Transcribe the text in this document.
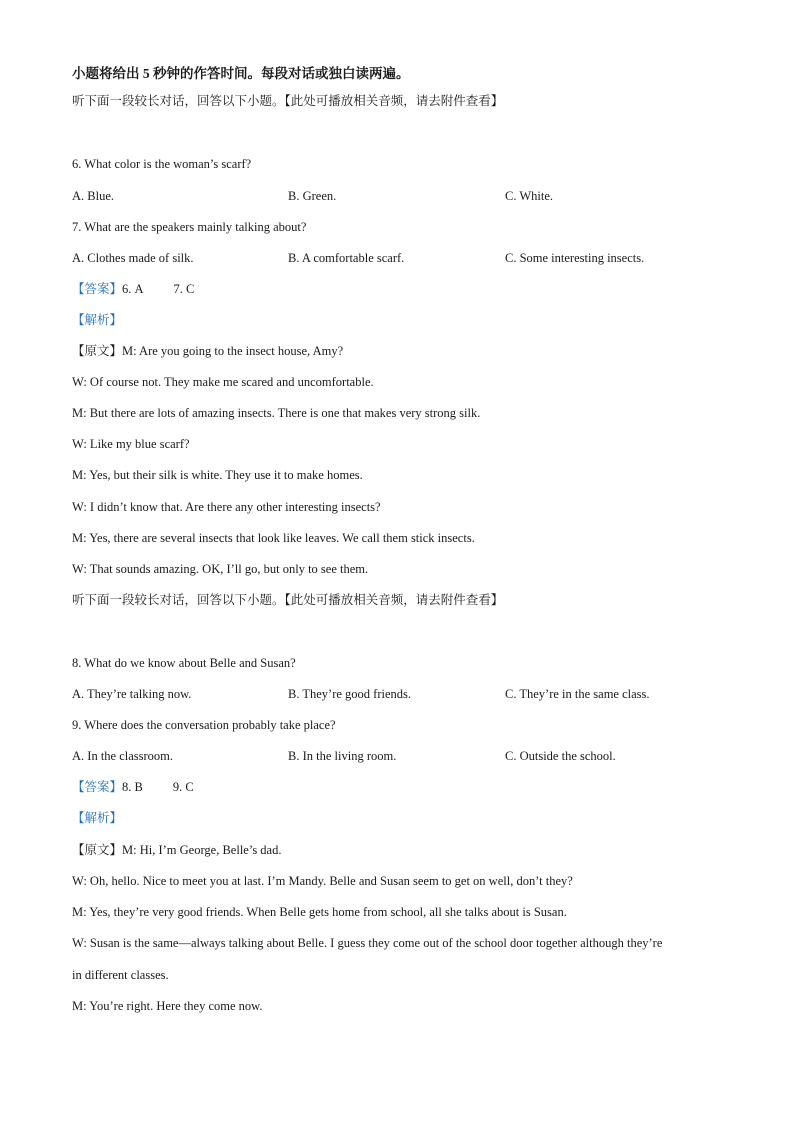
小题将给出 5 秒钟的作答时间。每段对话或独白读两遍。
听下面一段较长对话，回答以下小题。【此处可播放相关音频，请去附件查看】
6. What color is the woman’s scarf?
A. Blue.	B. Green.	C. White.
7. What are the speakers mainly talking about?
A. Clothes made of silk.	B. A comfortable scarf.	C. Some interesting insects.
【答案】6. A 7. C
【解析】
【原文】M: Are you going to the insect house, Amy?
W: Of course not. They make me scared and uncomfortable.
M: But there are lots of amazing insects. There is one that makes very strong silk.
W: Like my blue scarf?
M: Yes, but their silk is white. They use it to make homes.
W: I didn’t know that. Are there any other interesting insects?
M: Yes, there are several insects that look like leaves. We call them stick insects.
W: That sounds amazing. OK, I’ll go, but only to see them.
听下面一段较长对话，回答以下小题。【此处可播放相关音频，请去附件查看】
8. What do we know about Belle and Susan?
A. They’re talking now.	B. They’re good friends.	C. They’re in the same class.
9. Where does the conversation probably take place?
A. In the classroom.	B. In the living room.	C. Outside the school.
【答案】8. B 9. C
【解析】
【原文】M: Hi, I’m George, Belle’s dad.
W: Oh, hello. Nice to meet you at last. I’m Mandy. Belle and Susan seem to get on well, don’t they?
M: Yes, they’re very good friends. When Belle gets home from school, all she talks about is Susan.
W: Susan is the same—always talking about Belle. I guess they come out of the school door together although they’re
in different classes.
M: You’re right. Here they come now.
